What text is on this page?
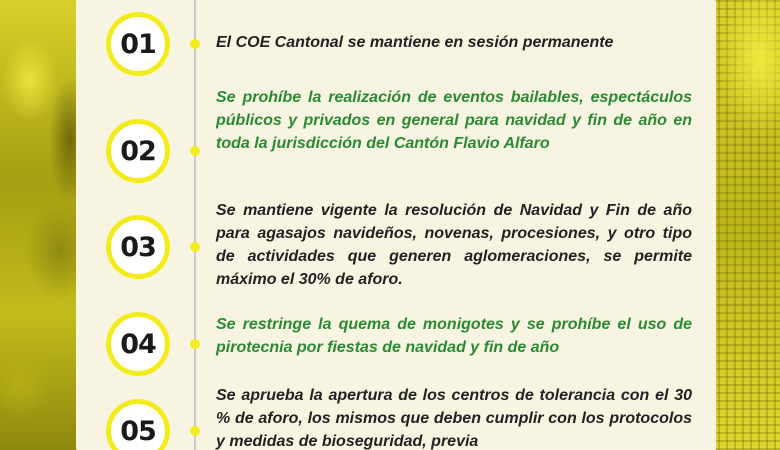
01	El COE Cantonal se mantiene en sesión permanente
02
Se prohíbe la realización de eventos bailables, espectáculos públicos y privados en general para navidad y fin de año en toda la jurisdicción del Cantón Flavio Alfaro
03
Se mantiene vigente la resolución de Navidad y Fin de año para agasajos navideños, novenas, procesiones, y otro tipo de actividades que generen aglomeraciones, se permite máximo el 30% de aforo.
04
Se restringe la quema de monigotes y se prohíbe el uso de pirotecnia por fiestas de navidad y fin de año
05
Se aprueba la apertura de los centros de tolerancia con el 30 % de aforo, los mismos que deben cumplir con los protocolos y medidas de bioseguridad, previa
